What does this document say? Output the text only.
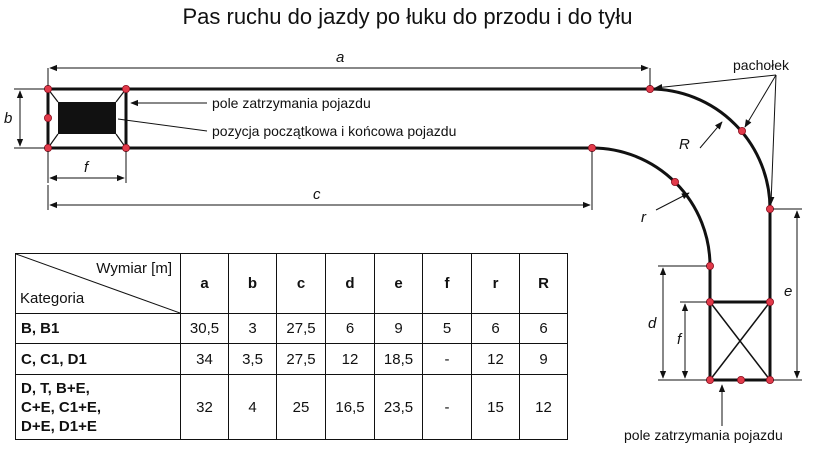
Pas ruchu do jazdy po łuku do przodu i do tyłu
a
b
f
c
R
r
e
d
f
pachołek
pole zatrzymania pojazdu
pozycja początkowa i końcowa pojazdu
pole zatrzymania pojazdu
Wymiar [m]
Kategoria	a	b	c	d	e	f	r	R
B, B1	30,5	3	27,5	6	9	5	6	6
C, C1, D1	34	3,5	27,5	12	18,5	-	12	9

D, T, B+E,
C+E, C1+E,
D+E, D1+E	32	4	25	16,5	23,5	-	15	12
